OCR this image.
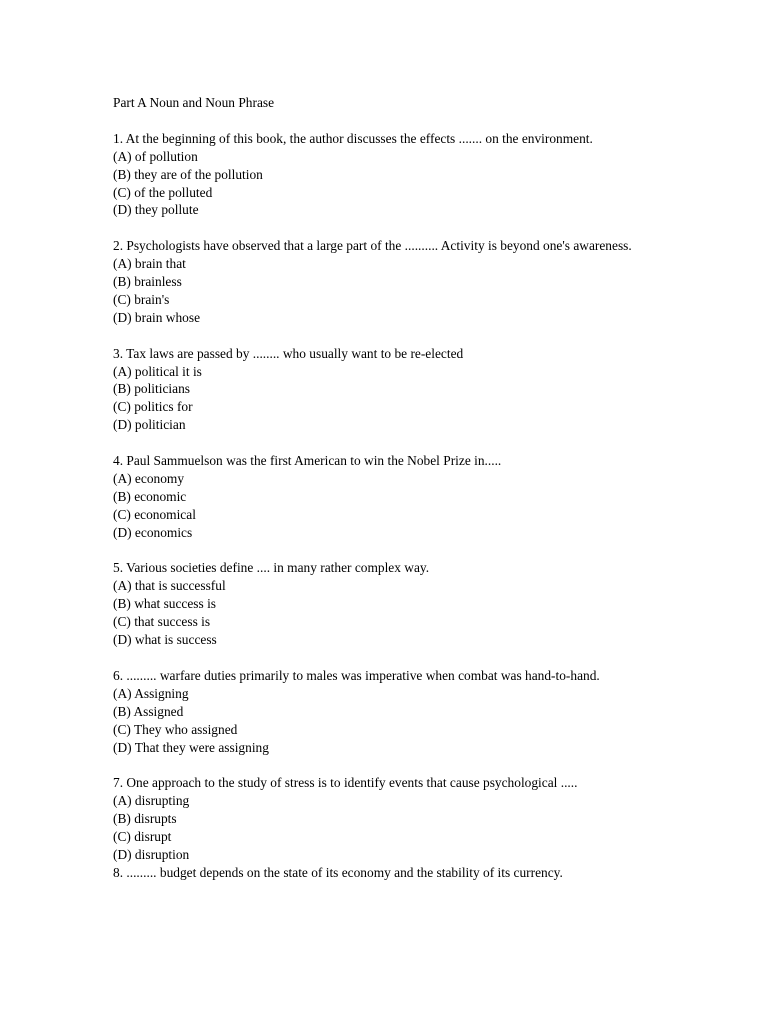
Part A Noun and Noun Phrase

1. At the beginning of this book, the author discusses the effects ....... on the environment.

(A) of pollution

(B) they are of the pollution

(C) of the polluted

(D) they pollute

2. Psychologists have observed that a large part of the .......... Activity is beyond one's awareness.

(A) brain that

(B) brainless

(C) brain's

(D) brain whose

3. Tax laws are passed by ........ who usually want to be re-elected

(A) political it is

(B) politicians

(C) politics for

(D) politician

4. Paul Sammuelson was the first American to win the Nobel Prize in.....

(A) economy

(B) economic

(C) economical

(D) economics

5. Various societies define .... in many rather complex way.

(A) that is successful

(B) what success is

(C) that success is

(D) what is success

6. ......... warfare duties primarily to males was imperative when combat was hand-to-hand.

(A) Assigning

(B) Assigned

(C) They who assigned

(D) That they were assigning

7. One approach to the study of stress is to identify events that cause psychological .....

(A) disrupting

(B) disrupts

(C) disrupt

(D) disruption

8. ......... budget depends on the state of its economy and the stability of its currency.
